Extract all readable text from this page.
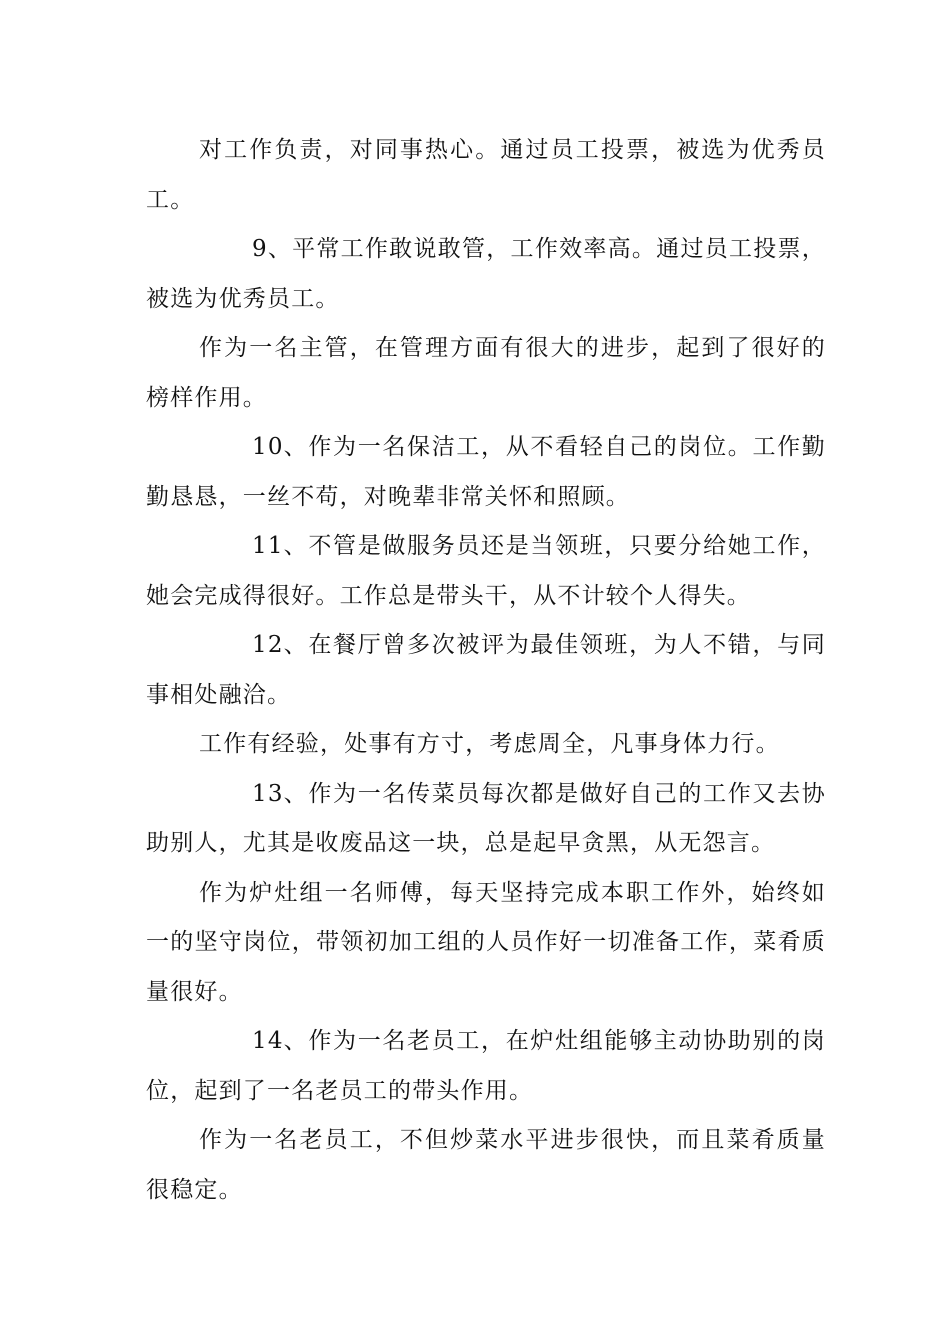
对工作负责，对同事热心。通过员工投票，被选为优秀员工。

9、平常工作敢说敢管，工作效率高。通过员工投票，被选为优秀员工。

作为一名主管，在管理方面有很大的进步，起到了很好的榜样作用。

10、作为一名保洁工，从不看轻自己的岗位。工作勤勤恳恳，一丝不苟，对晚辈非常关怀和照顾。

11、不管是做服务员还是当领班，只要分给她工作，她会完成得很好。工作总是带头干，从不计较个人得失。

12、在餐厅曾多次被评为最佳领班，为人不错，与同事相处融洽。

工作有经验，处事有方寸，考虑周全，凡事身体力行。

13、作为一名传菜员每次都是做好自己的工作又去协助别人，尤其是收废品这一块，总是起早贪黑，从无怨言。

作为炉灶组一名师傅，每天坚持完成本职工作外，始终如一的坚守岗位，带领初加工组的人员作好一切准备工作，菜肴质量很好。

14、作为一名老员工，在炉灶组能够主动协助别的岗位，起到了一名老员工的带头作用。

作为一名老员工，不但炒菜水平进步很快，而且菜肴质量很稳定。
